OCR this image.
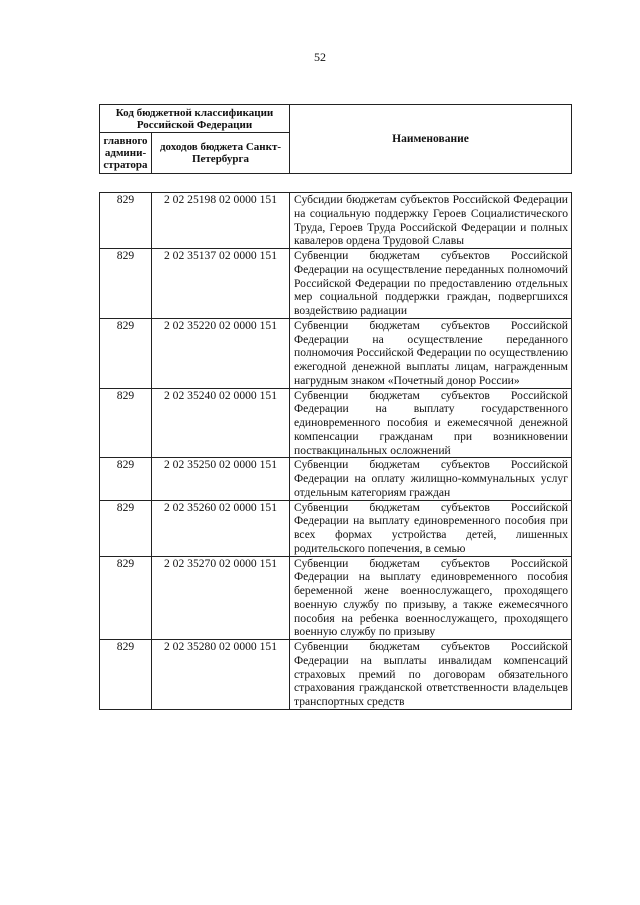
52
Код бюджетной классификации Российской Федерации		Наименование
главного админи-стратора	доходов бюджета Санкт-Петербурга	
829	2 02 25198 02 0000 151	Субсидии бюджетам субъектов Российской Федерации на социальную поддержку Героев Социалистического Труда, Героев Труда Российской Федерации и полных кавалеров ордена Трудовой Славы
829	2 02 35137 02 0000 151	Субвенции бюджетам субъектов Российской Федерации на осуществление переданных полномочий Российской Федерации по предоставлению отдельных мер социальной поддержки граждан, подвергшихся воздействию радиации
829	2 02 35220 02 0000 151	Субвенции бюджетам субъектов Российской Федерации на осуществление переданного полномочия Российской Федерации по осуществлению ежегодной денежной выплаты лицам, награжденным нагрудным знаком «Почетный донор России»
829	2 02 35240 02 0000 151	Субвенции бюджетам субъектов Российской Федерации на выплату государственного единовременного пособия и ежемесячной денежной компенсации гражданам при возникновении поствакцинальных осложнений
829	2 02 35250 02 0000 151	Субвенции бюджетам субъектов Российской Федерации на оплату жилищно-коммунальных услуг отдельным категориям граждан
829	2 02 35260 02 0000 151	Субвенции бюджетам субъектов Российской Федерации на выплату единовременного пособия при всех формах устройства детей, лишенных родительского попечения, в семью
829	2 02 35270 02 0000 151	Субвенции бюджетам субъектов Российской Федерации на выплату единовременного пособия беременной жене военнослужащего, проходящего военную службу по призыву, а также ежемесячного пособия на ребенка военнослужащего, проходящего военную службу по призыву
829	2 02 35280 02 0000 151	Субвенции бюджетам субъектов Российской Федерации на выплаты инвалидам компенсаций страховых премий по договорам обязательного страхования гражданской ответственности владельцев транспортных средств
